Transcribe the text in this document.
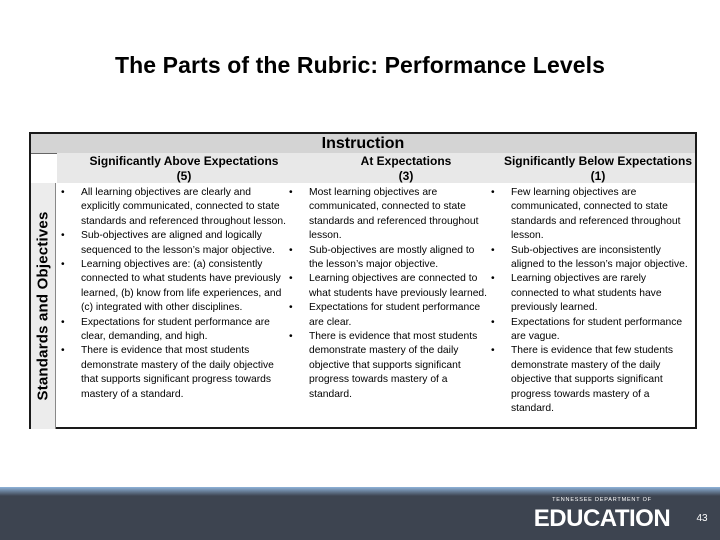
The Parts of the Rubric: Performance Levels
Instruction
Standards and Objectives
Significantly Above Expectations
(5)
At Expectations
(3)
Significantly Below Expectations
(1)
• All learning objectives are clearly and explicitly communicated, connected to state standards and referenced throughout lesson.
• Sub-objectives are aligned and logically sequenced to the lesson’s major objective.
• Learning objectives are: (a) consistently connected to what students have previously learned, (b) know from life experiences, and (c) integrated with other disciplines.
• Expectations for student performance are clear, demanding, and high.
• There is evidence that most students demonstrate mastery of the daily objective that supports significant progress towards mastery of a standard.
• Most learning objectives are communicated, connected to state standards and referenced throughout lesson.
• Sub-objectives are mostly aligned to the lesson’s major objective.
• Learning objectives are connected to what students have previously learned.
• Expectations for student performance are clear.
• There is evidence that most students demonstrate mastery of the daily objective that supports significant progress towards mastery of a standard.
• Few learning objectives are communicated, connected to state standards and referenced throughout lesson.
• Sub-objectives are inconsistently aligned to the lesson’s major objective.
• Learning objectives are rarely connected to what students have previously learned.
• Expectations for student performance are vague.
• There is evidence that few students demonstrate mastery of the daily objective that supports significant progress towards mastery of a standard.
TENNESSEE DEPARTMENT OF
EDUCATION	43
